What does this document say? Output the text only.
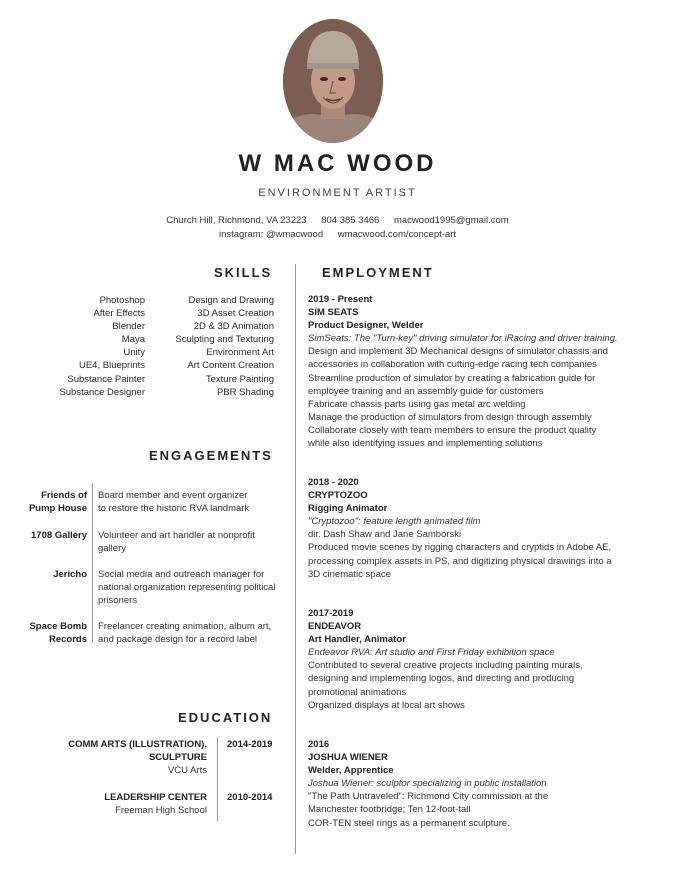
W MAC WOOD
ENVIRONMENT ARTIST
Church Hill, Richmond, VA 23223 804 385 3466 macwood1995@gmail.com
instagram: @wmacwood wmacwood.com/concept-art
SKILLS
Photoshop
After Effects
Blender
Maya
Unity
UE4, Blueprints
Substance Painter
Substance Designer
Design and Drawing
3D Asset Creation
2D & 3D Animation
Sculpting and Texturing
Environment Art
Art Content Creation
Texture Painting
PBR Shading
ENGAGEMENTS
Friends of
Pump House
Board member and event organizer
to restore the historic RVA landmark
1708 Gallery Volunteer and art handler at nonprofit
gallery
Jericho Social media and outreach manager for
national organization representing political
prisoners
Space Bomb
Records
Freelancer creating animation, album art,
and package design for a record label
EDUCATION
COMM ARTS (ILLUSTRATION),
SCULPTURE
VCU Arts
2014-2019
LEADERSHIP CENTER
Freeman High School
2010-2014
EMPLOYMENT
2019 - Present
SIM SEATS
Product Designer, Welder
SimSeats: The "Turn-key" driving simulator for iRacing and driver training.
Design and implement 3D Mechanical designs of simulator chassis and
accessories in collaboration with cutting-edge racing tech companies
Streamline production of simulator by creating a fabrication guide for
employee training and an assembly guide for customers
Fabricate chassis parts using gas metal arc welding
Manage the production of simulators from design through assembly
Collaborate closely with team members to ensure the product quality
while also identifying issues and implementing solutions
2018 - 2020
CRYPTOZOO
Rigging Animator
"Cryptozoo": feature length animated film
dir. Dash Shaw and Jane Samborski
Produced movie scenes by rigging characters and cryptids in Adobe AE,
processing complex assets in PS, and digitizing physical drawings into a
3D cinematic space
2017-2019
ENDEAVOR
Art Handler, Animator
Endeavor RVA: Art studio and First Friday exhibition space
Contributed to several creative projects including painting murals,
designing and implementing logos, and directing and producing
promotional animations
Organized displays at local art shows
2016
JOSHUA WIENER
Welder, Apprentice
Joshua Wiener: sculptor specializing in public installation
"The Path Untraveled": Richmond City commission at the
Manchester footbridge; Ten 12-foot-tall
COR-TEN steel rings as a permanent sculpture.
